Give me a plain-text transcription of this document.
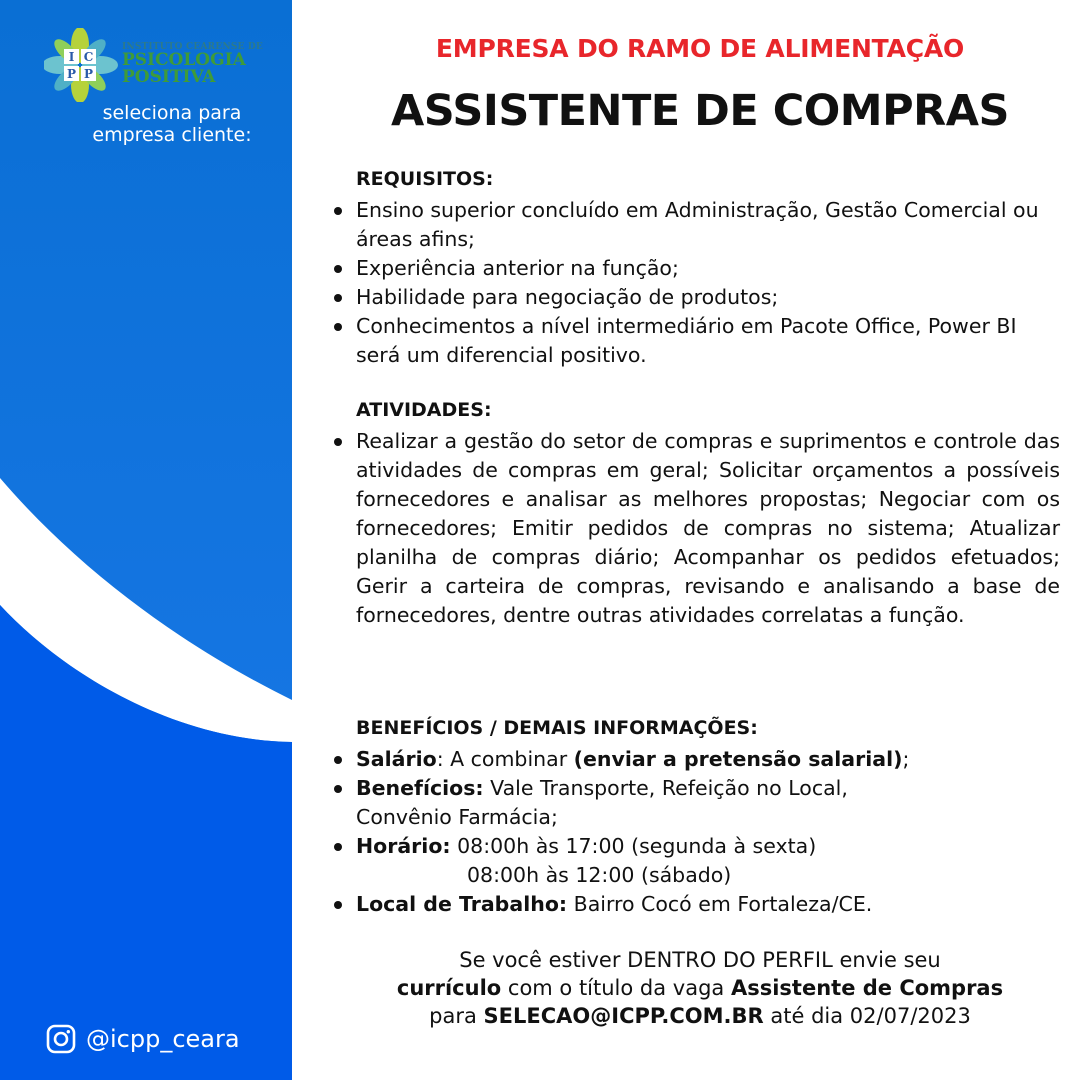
I C
P P
INSTITUTO CEARENSE DE
PSICOLOGIA
POSITIVA
seleciona para
empresa cliente:
@icpp_ceara
EMPRESA DO RAMO DE ALIMENTAÇÃO
ASSISTENTE DE COMPRAS
REQUISITOS:
Ensino superior concluído em Administração, Gestão Comercial ou áreas afins;
Experiência anterior na função;
Habilidade para negociação de produtos;
Conhecimentos a nível intermediário em Pacote Office, Power BI será um diferencial positivo.
ATIVIDADES:
Realizar a gestão do setor de compras e suprimentos e controle das atividades de compras em geral; Solicitar orçamentos a possíveis fornecedores e analisar as melhores propostas; Negociar com os fornecedores; Emitir pedidos de compras no sistema; Atualizar planilha de compras diário; Acompanhar os pedidos efetuados; Gerir a carteira de compras, revisando e analisando a base de fornecedores, dentre outras atividades correlatas a função.
BENEFÍCIOS / DEMAIS INFORMAÇÕES:
Salário: A combinar (enviar a pretensão salarial);
Benefícios: Vale Transporte, Refeição no Local, Convênio Farmácia;
Horário: 08:00h às 17:00 (segunda à sexta)
08:00h às 12:00 (sábado)
Local de Trabalho: Bairro Cocó em Fortaleza/CE.
Se você estiver DENTRO DO PERFIL envie seu
currículo com o título da vaga Assistente de Compras
para SELECAO@ICPP.COM.BR até dia 02/07/2023
